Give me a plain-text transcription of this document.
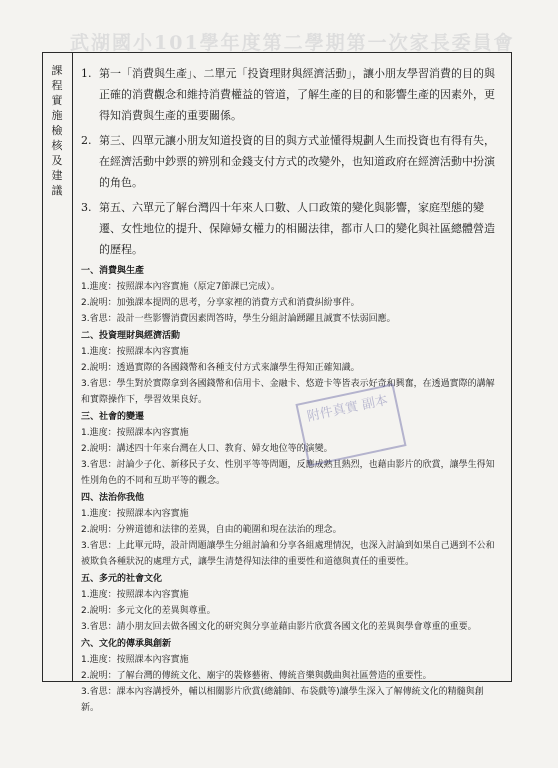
武湖國小101學年度第二學期第一次家長委員會
課程實施檢核及建議
1. 第一「消費與生產」、二單元「投資理財與經濟活動」，讓小朋友學習消費的目的與正確的消費觀念和維持消費權益的管道，了解生產的目的和影響生產的因素外，更得知消費與生產的重要關係。
2. 第三、四單元讓小朋友知道投資的目的與方式並懂得規劃人生而投資也有得有失，在經濟活動中鈔票的辨別和金錢支付方式的改變外，也知道政府在經濟活動中扮演的角色。
3. 第五、六單元了解台灣四十年來人口數、人口政策的變化與影響，家庭型態的變遷、女性地位的提升、保障婦女權力的相關法律，都市人口的變化與社區總體營造的歷程。
一、消費與生產
1.進度：按照課本內容實施（原定7節課已完成）。
2.說明：加強課本提問的思考，分享家裡的消費方式和消費糾紛事件。
3.省思：設計一些影響消費因素問答時，學生分組討論踴躍且誠實不怯弱回應。
二、投資理財與經濟活動
1.進度：按照課本內容實施
2.說明：透過實際的各國錢幣和各種支付方式來讓學生得知正確知識。
3.省思：學生對於實際拿到各國錢幣和信用卡、金融卡、悠遊卡等皆表示好奇和興奮，在透過實際的講解和實際操作下，學習效果良好。
三、社會的變遷
1.進度：按照課本內容實施
2.說明：講述四十年來台灣在人口、教育、婦女地位等的演變。
3.省思：討論少子化、新移民子女、性別平等等問題，反應成熟且熱烈，也藉由影片的欣賞，讓學生得知性別角色的不同和互助平等的觀念。
四、法治你我他
1.進度：按照課本內容實施
2.說明：分辨道德和法律的差異，自由的範圍和現在法治的理念。
3.省思：上此單元時，設計問題讓學生分組討論和分享各組處理情況，也深入討論到如果自己遇到不公和被欺負各種狀況的處理方式，讓學生清楚得知法律的重要性和道德與責任的重要性。
五、多元的社會文化
1.進度：按照課本內容實施
2.說明：多元文化的差異與尊重。
3.省思：請小朋友回去做各國文化的研究與分享並藉由影片欣賞各國文化的差異與學會尊重的重要。
六、文化的傳承與創新
1.進度：按照課本內容實施
2.說明：了解台灣的傳統文化、廟宇的裝修藝術、傳統音樂與戲曲與社區營造的重要性。
3.省思：課本內容講授外，輔以相關影片欣賞(總舖師、布袋戲等)讓學生深入了解傳統文化的精髓與創新。
附件真實 副本
